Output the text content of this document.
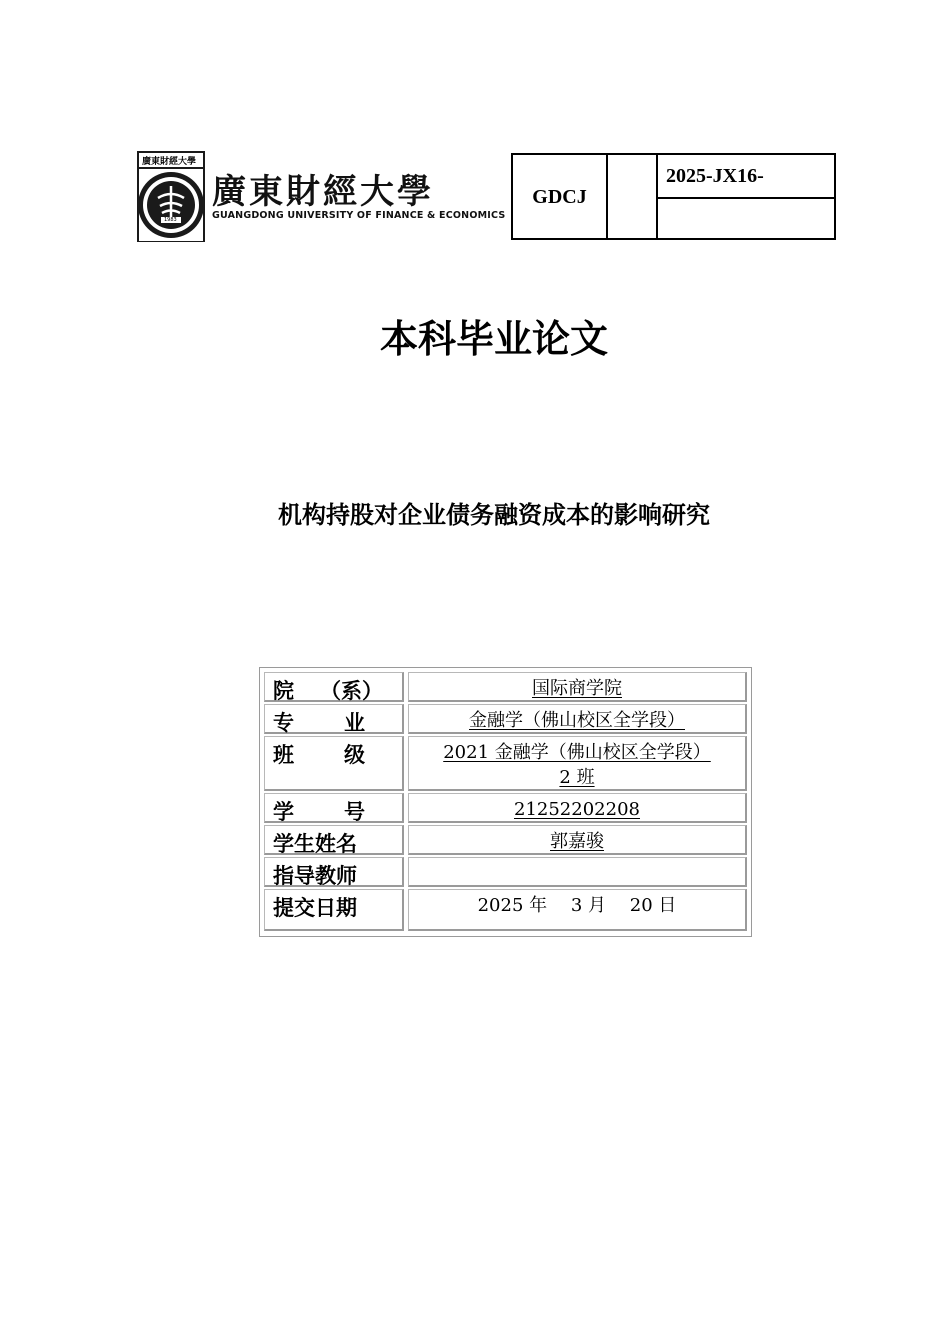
廣東財經大學
1983
廣東財經大學
GUANGDONG UNIVERSITY OF FINANCE & ECONOMICS
GDCJ
2025-JX16-
本科毕业论文
机构持股对企业债务融资成本的影响研究
院 （系）	国际商学院
专 业	金融学（佛山校区全学段）
班 级	2021 金融学（佛山校区全学段）
2 班
学 号	21252202208
学生姓名	郭嘉骏
指导教师
提交日期	2025 年　 3 月　 20 日
